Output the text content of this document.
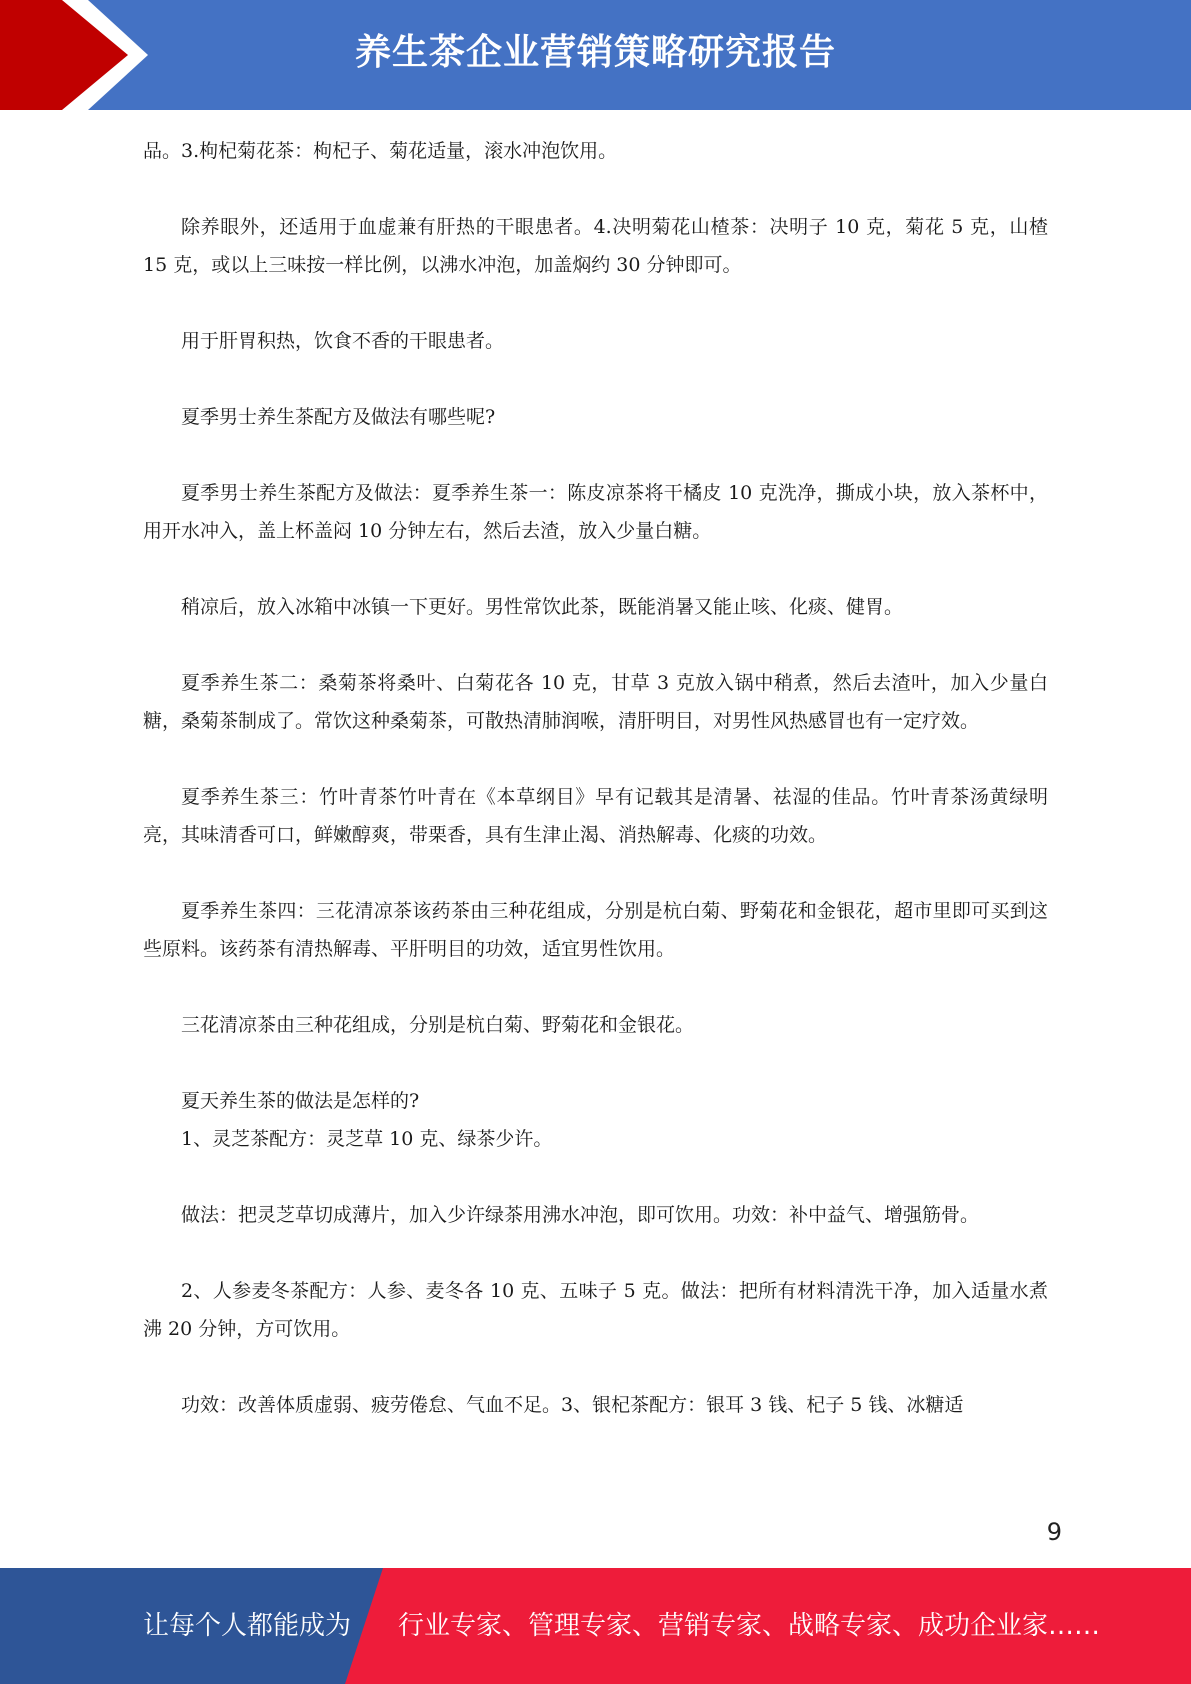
养生茶企业营销策略研究报告

品。3.枸杞菊花茶：枸杞子、菊花适量，滚水冲泡饮用。

除养眼外，还适用于血虚兼有肝热的干眼患者。4.决明菊花山楂茶：决明子 10 克，菊花 5 克，山楂 15 克，或以上三味按一样比例，以沸水冲泡，加盖焖约 30 分钟即可。

用于肝胃积热，饮食不香的干眼患者。

夏季男士养生茶配方及做法有哪些呢?

夏季男士养生茶配方及做法：夏季养生茶一：陈皮凉茶将干橘皮 10 克洗净，撕成小块，放入茶杯中，用开水冲入，盖上杯盖闷 10 分钟左右，然后去渣，放入少量白糖。

稍凉后，放入冰箱中冰镇一下更好。男性常饮此茶，既能消暑又能止咳、化痰、健胃。

夏季养生茶二：桑菊茶将桑叶、白菊花各 10 克，甘草 3 克放入锅中稍煮，然后去渣叶，加入少量白糖，桑菊茶制成了。常饮这种桑菊茶，可散热清肺润喉，清肝明目，对男性风热感冒也有一定疗效。

夏季养生茶三：竹叶青茶竹叶青在《本草纲目》早有记载其是清暑、祛湿的佳品。竹叶青茶汤黄绿明亮，其味清香可口，鲜嫩醇爽，带栗香，具有生津止渴、消热解毒、化痰的功效。

夏季养生茶四：三花清凉茶该药茶由三种花组成，分别是杭白菊、野菊花和金银花，超市里即可买到这些原料。该药茶有清热解毒、平肝明目的功效，适宜男性饮用。

三花清凉茶由三种花组成，分别是杭白菊、野菊花和金银花。

夏天养生茶的做法是怎样的?

1、灵芝茶配方：灵芝草 10 克、绿茶少许。

做法：把灵芝草切成薄片，加入少许绿茶用沸水冲泡，即可饮用。功效：补中益气、增强筋骨。

2、人参麦冬茶配方：人参、麦冬各 10 克、五味子 5 克。做法：把所有材料清洗干净，加入适量水煮沸 20 分钟，方可饮用。

功效：改善体质虚弱、疲劳倦怠、气血不足。3、银杞茶配方：银耳 3 钱、杞子 5 钱、冰糖适

9
让每个人都能成为 行业专家、管理专家、营销专家、战略专家、成功企业家……
